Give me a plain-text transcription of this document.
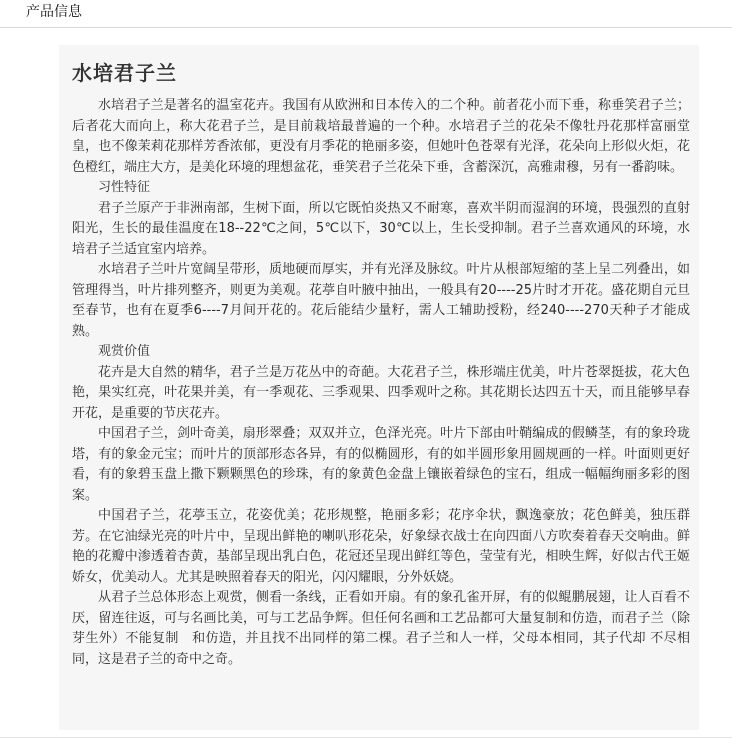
产品信息
水培君子兰

水培君子兰是著名的温室花卉。我国有从欧洲和日本传入的二个种。前者花小而下垂，称垂笑君子兰；后者花大而向上，称大花君子兰，是目前栽培最普遍的一个种。水培君子兰的花朵不像牡丹花那样富丽堂皇，也不像茉莉花那样芳香浓郁，更没有月季花的艳丽多姿，但她叶色苍翠有光泽，花朵向上形似火炬，花色橙红，端庄大方，是美化环境的理想盆花，垂笑君子兰花朵下垂，含蓄深沉，高雅肃穆，另有一番韵味。

习性特征

君子兰原产于非洲南部，生树下面，所以它既怕炎热又不耐寒，喜欢半阴而湿润的环境，畏强烈的直射阳光，生长的最佳温度在18--22℃之间，5℃以下，30℃以上，生长受抑制。君子兰喜欢通风的环境，水培君子兰适宜室内培养。

水培君子兰叶片宽阔呈带形，质地硬而厚实，并有光泽及脉纹。叶片从根部短缩的茎上呈二列叠出，如管理得当，叶片排列整齐，则更为美观。花葶自叶腋中抽出，一般具有20----25片时才开花。盛花期自元旦至春节，也有在夏季6----7月间开花的。花后能结少量籽，需人工辅助授粉，经240----270天种子才能成熟。

观赏价值

花卉是大自然的精华，君子兰是万花丛中的奇葩。大花君子兰，株形端庄优美，叶片苍翠挺拔，花大色艳，果实红亮，叶花果并美，有一季观花、三季观果、四季观叶之称。其花期长达四五十天，而且能够早春开花，是重要的节庆花卉。

中国君子兰，剑叶奇美，扇形翠叠；双双并立，色泽光亮。叶片下部由叶鞘编成的假鳞茎，有的象玲珑塔，有的象金元宝；而叶片的顶部形态各异，有的似椭圆形，有的如半圆形象用圆规画的一样。叶面则更好看，有的象碧玉盘上撒下颗颗黑色的珍珠，有的象黄色金盘上镶嵌着绿色的宝石，组成一幅幅绚丽多彩的图案。

中国君子兰，花葶玉立，花姿优美；花形规整，艳丽多彩；花序伞状，飘逸豪放；花色鲜美，独压群芳。在它油绿光亮的叶片中，呈现出鲜艳的喇叭形花朵，好象绿衣战士在向四面八方吹奏着春天交响曲。鲜艳的花瓣中渗透着杏黄，基部呈现出乳白色，花冠还呈现出鲜红等色，莹莹有光，相映生辉，好似古代王姬娇女，优美动人。尤其是映照着春天的阳光，闪闪耀眼，分外妖娆。

从君子兰总体形态上观赏，侧看一条线，正看如开扇。有的象孔雀开屏，有的似鲲鹏展翅，让人百看不厌，留连往返，可与名画比美，可与工艺品争辉。但任何名画和工艺品都可大量复制和仿造，而君子兰（除芽生外）不能复制　和仿造，并且找不出同样的第二棵。君子兰和人一样，父母本相同，其子代却 不尽相同，这是君子兰的奇中之奇。
